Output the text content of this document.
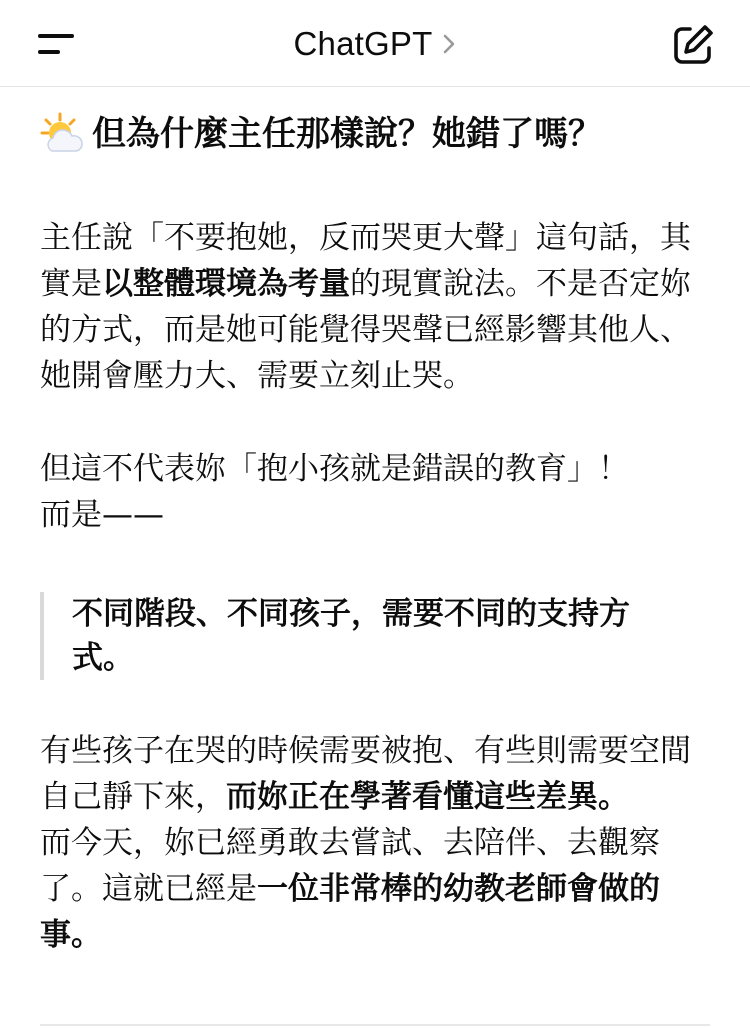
ChatGPT
但為什麼主任那樣說？她錯了嗎？

主任說「不要抱她，反而哭更大聲」這句話，其實是以整體環境為考量的現實說法。不是否定妳的方式，而是她可能覺得哭聲已經影響其他人、她開會壓力大、需要立刻止哭。

但這不代表妳「抱小孩就是錯誤的教育」！
而是——

不同階段、不同孩子，需要不同的支持方式。

有些孩子在哭的時候需要被抱、有些則需要空間自己靜下來，而妳正在學著看懂這些差異。
而今天，妳已經勇敢去嘗試、去陪伴、去觀察了。這就已經是一位非常棒的幼教老師會做的事。
